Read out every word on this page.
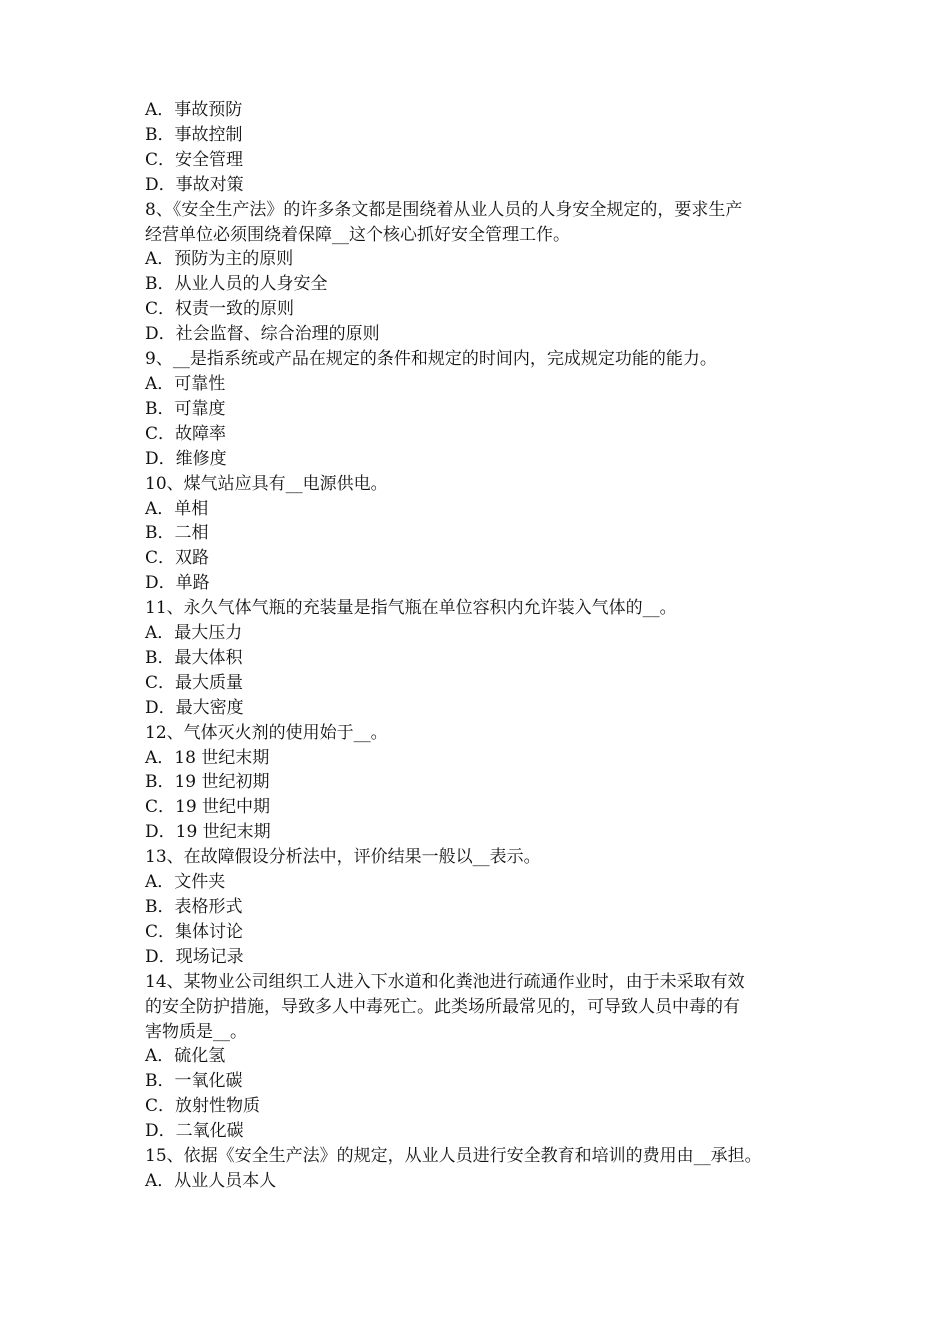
A．事故预防
B．事故控制
C．安全管理
D．事故对策
8、《安全生产法》的许多条文都是围绕着从业人员的人身安全规定的，要求生产
经营单位必须围绕着保障__这个核心抓好安全管理工作。
A．预防为主的原则
B．从业人员的人身安全
C．权责一致的原则
D．社会监督、综合治理的原则
9、__是指系统或产品在规定的条件和规定的时间内，完成规定功能的能力。
A．可靠性
B．可靠度
C．故障率
D．维修度
10、煤气站应具有__电源供电。
A．单相
B．二相
C．双路
D．单路
11、永久气体气瓶的充装量是指气瓶在单位容积内允许装入气体的__。
A．最大压力
B．最大体积
C．最大质量
D．最大密度
12、气体灭火剂的使用始于__。
A．18 世纪末期
B．19 世纪初期
C．19 世纪中期
D．19 世纪末期
13、在故障假设分析法中，评价结果一般以__表示。
A．文件夹
B．表格形式
C．集体讨论
D．现场记录
14、某物业公司组织工人进入下水道和化粪池进行疏通作业时，由于未采取有效
的安全防护措施，导致多人中毒死亡。此类场所最常见的，可导致人员中毒的有
害物质是__。
A．硫化氢
B．一氧化碳
C．放射性物质
D．二氧化碳
15、依据《安全生产法》的规定，从业人员进行安全教育和培训的费用由__承担。
A．从业人员本人
